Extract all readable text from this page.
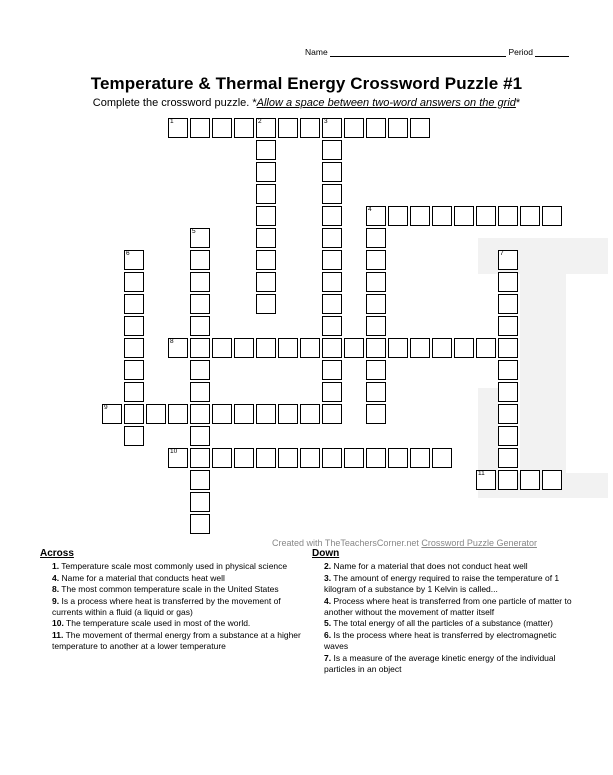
Name	Period
Temperature & Thermal Energy Crossword Puzzle #1
Complete the crossword puzzle. *Allow a space between two-word answers on the grid*
1	2	3
4
5
6	7
8
9
10
11
Created with TheTeachersCorner.net Crossword Puzzle Generator
Across
1. Temperature scale most commonly used in physical science
4. Name for a material that conducts heat well
8. The most common temperature scale in the United States
9. Is a process where heat is transferred by the movement of currents within a fluid (a liquid or gas)
10. The temperature scale used in most of the world.
11. The movement of thermal energy from a substance at a higher temperature to another at a lower temperature
Down
2. Name for a material that does not conduct heat well
3. The amount of energy required to raise the temperature of 1 kilogram of a substance by 1 Kelvin is called...
4. Process where heat is transferred from one particle of matter to another without the movement of matter itself
5. The total energy of all the particles of a substance (matter)
6. Is the process where heat is transferred by electromagnetic waves
7. Is a measure of the average kinetic energy of the individual particles in an object
